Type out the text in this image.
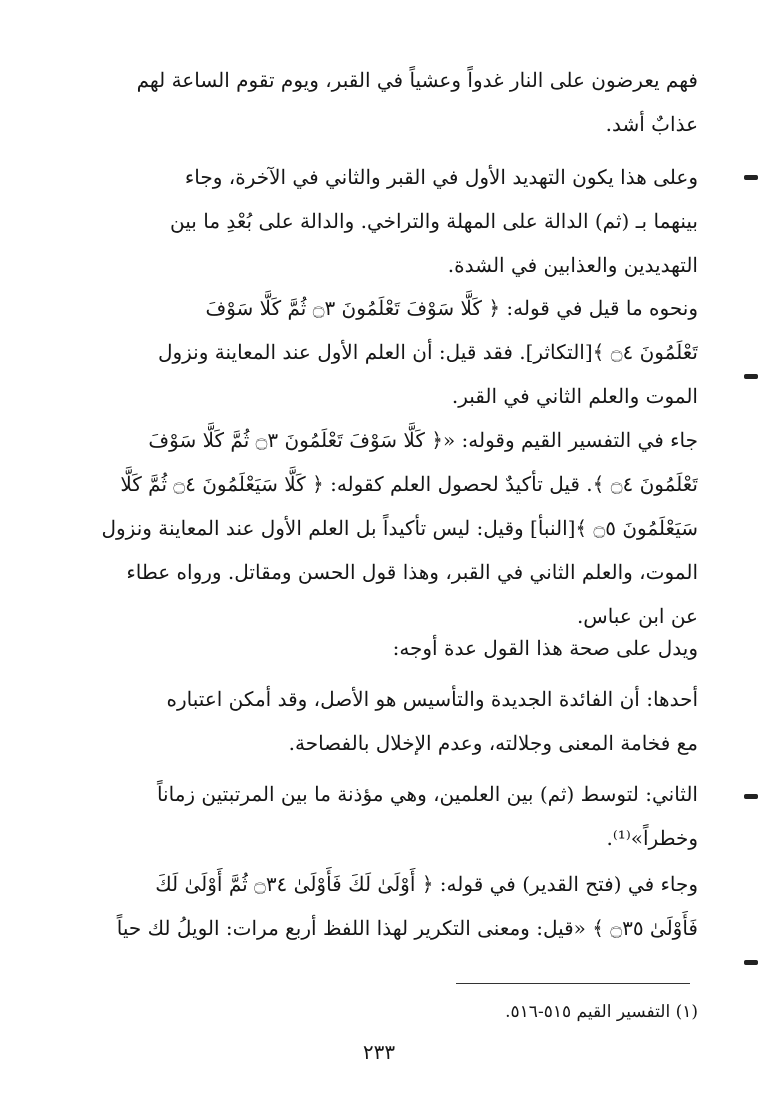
فهم يعرضون على النار غدواً وعشياً في القبر، ويوم تقوم الساعة لهم
عذابٌ أشد.
وعلى هذا يكون التهديد الأول في القبر والثاني في الآخرة، وجاء
بينهما بـ (ثم) الدالة على المهلة والتراخي. والدالة على بُعْدِ ما بين
التهديدين والعذابين في الشدة.
ونحوه ما قيل في قوله: ﴿ كَلَّا سَوْفَ تَعْلَمُونَ ۝٣ ثُمَّ كَلَّا سَوْفَ
تَعْلَمُونَ ۝٤ ﴾[التكاثر]. فقد قيل: أن العلم الأول عند المعاينة ونزول
الموت والعلم الثاني في القبر.
جاء في التفسير القيم وقوله: «﴿ كَلَّا سَوْفَ تَعْلَمُونَ ۝٣ ثُمَّ كَلَّا سَوْفَ
تَعْلَمُونَ ۝٤ ﴾. قيل تأكيدٌ لحصول العلم كقوله: ﴿ كَلَّا سَيَعْلَمُونَ ۝٤ ثُمَّ كَلَّا
سَيَعْلَمُونَ ۝٥ ﴾[النبأ] وقيل: ليس تأكيداً بل العلم الأول عند المعاينة ونزول
الموت، والعلم الثاني في القبر، وهذا قول الحسن ومقاتل. ورواه عطاء
عن ابن عباس.
ويدل على صحة هذا القول عدة أوجه:
أحدها: أن الفائدة الجديدة والتأسيس هو الأصل، وقد أمكن اعتباره
مع فخامة المعنى وجلالته، وعدم الإخلال بالفصاحة.
الثاني: لتوسط (ثم) بين العلمين، وهي مؤذنة ما بين المرتبتين زماناً
وخطراً»⁽¹⁾.
وجاء في (فتح القدير) في قوله: ﴿ أَوْلَىٰ لَكَ فَأَوْلَىٰ ۝٣٤ ثُمَّ أَوْلَىٰ لَكَ
فَأَوْلَىٰ ۝٣٥ ﴾ «قيل: ومعنى التكرير لهذا اللفظ أربع مرات: الويلُ لك حياً
(١) التفسير القيم ٥١٥-٥١٦.
٢٣٣
